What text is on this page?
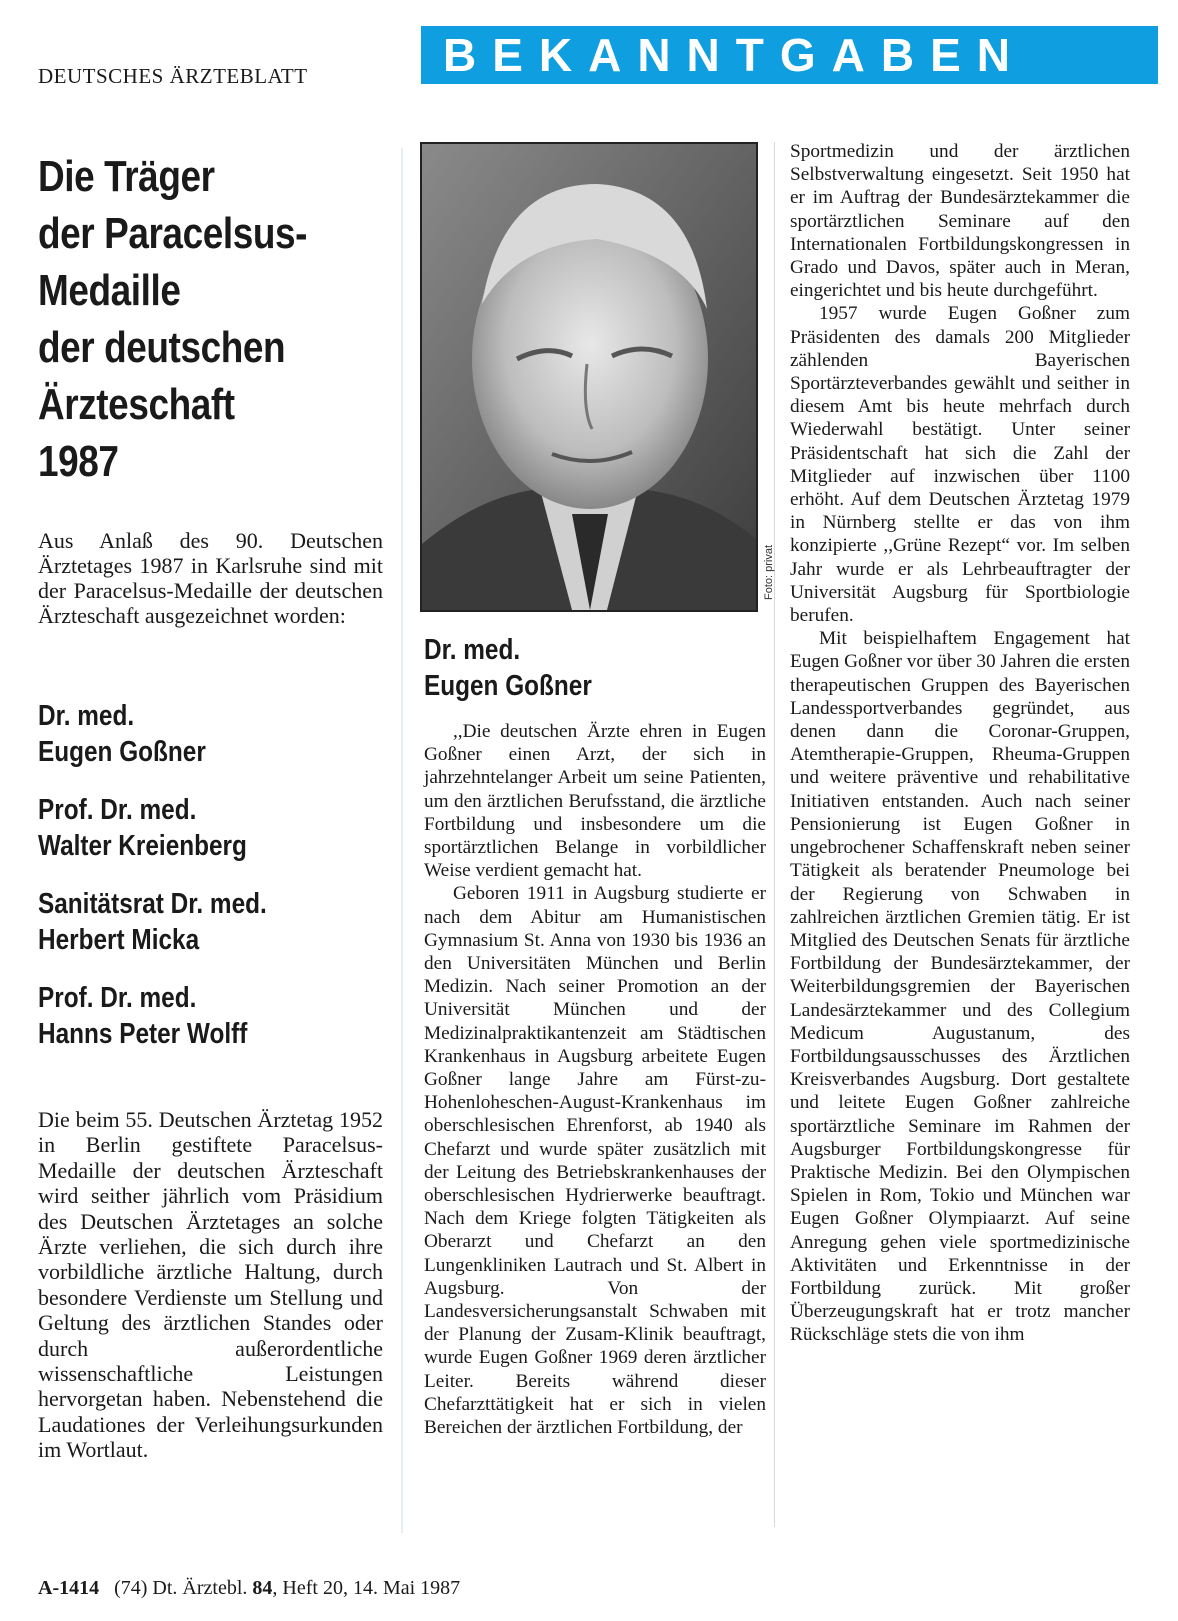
DEUTSCHES ÄRZTEBLATT	BEKANNTGABEN
Die Träger
der Paracelsus-
Medaille
der deutschen
Ärzteschaft
1987

Aus Anlaß des 90. Deutschen Ärztetages 1987 in Karlsruhe sind mit der Paracelsus-Medaille der deutschen Ärzteschaft ausgezeichnet worden:

Dr. med.
Eugen Goßner
Prof. Dr. med.
Walter Kreienberg
Sanitätsrat Dr. med.
Herbert Micka
Prof. Dr. med.
Hanns Peter Wolff

Die beim 55. Deutschen Ärztetag 1952 in Berlin gestiftete Paracelsus-Medaille der deutschen Ärzteschaft wird seither jährlich vom Präsidium des Deutschen Ärztetages an solche Ärzte verliehen, die sich durch ihre vorbildliche ärztliche Haltung, durch besondere Verdienste um Stellung und Geltung des ärztlichen Standes oder durch außerordentliche wissenschaftliche Leistungen hervorgetan haben. Nebenstehend die Laudationes der Verleihungsurkunden im Wortlaut.

Foto: privat
Dr. med.
Eugen Goßner

,,Die deutschen Ärzte ehren in Eugen Goßner einen Arzt, der sich in jahrzehntelanger Arbeit um seine Patienten, um den ärztlichen Berufsstand, die ärztliche Fortbildung und insbesondere um die sportärztlichen Belange in vorbildlicher Weise verdient gemacht hat.

Geboren 1911 in Augsburg studierte er nach dem Abitur am Humanistischen Gymnasium St. Anna von 1930 bis 1936 an den Universitäten München und Berlin Medizin. Nach seiner Promotion an der Universität München und der Medizinalpraktikantenzeit am Städtischen Krankenhaus in Augsburg arbeitete Eugen Goßner lange Jahre am Fürst-zu-Hohenloheschen-August-Krankenhaus im oberschlesischen Ehrenforst, ab 1940 als Chefarzt und wurde später zusätzlich mit der Leitung des Betriebskrankenhauses der oberschlesischen Hydrierwerke beauftragt. Nach dem Kriege folgten Tätigkeiten als Oberarzt und Chefarzt an den Lungenkliniken Lautrach und St. Albert in Augsburg. Von der Landesversicherungsanstalt Schwaben mit der Planung der Zusam-Klinik beauftragt, wurde Eugen Goßner 1969 deren ärztlicher Leiter. Bereits während dieser Chefarzttätigkeit hat er sich in vielen Bereichen der ärztlichen Fortbildung, der

Sportmedizin und der ärztlichen Selbstverwaltung eingesetzt. Seit 1950 hat er im Auftrag der Bundesärztekammer die sportärztlichen Seminare auf den Internationalen Fortbildungskongressen in Grado und Davos, später auch in Meran, eingerichtet und bis heute durchgeführt.

1957 wurde Eugen Goßner zum Präsidenten des damals 200 Mitglieder zählenden Bayerischen Sportärzteverbandes gewählt und seither in diesem Amt bis heute mehrfach durch Wiederwahl bestätigt. Unter seiner Präsidentschaft hat sich die Zahl der Mitglieder auf inzwischen über 1100 erhöht. Auf dem Deutschen Ärztetag 1979 in Nürnberg stellte er das von ihm konzipierte ,,Grüne Rezept“ vor. Im selben Jahr wurde er als Lehrbeauftragter der Universität Augsburg für Sportbiologie berufen.

Mit beispielhaftem Engagement hat Eugen Goßner vor über 30 Jahren die ersten therapeutischen Gruppen des Bayerischen Landessportverbandes gegründet, aus denen dann die Coronar-Gruppen, Atemtherapie-Gruppen, Rheuma-Gruppen und weitere präventive und rehabilitative Initiativen entstanden. Auch nach seiner Pensionierung ist Eugen Goßner in ungebrochener Schaffenskraft neben seiner Tätigkeit als beratender Pneumologe bei der Regierung von Schwaben in zahlreichen ärztlichen Gremien tätig. Er ist Mitglied des Deutschen Senats für ärztliche Fortbildung der Bundesärztekammer, der Weiterbildungsgremien der Bayerischen Landesärztekammer und des Collegium Medicum Augustanum, des Fortbildungsausschusses des Ärztlichen Kreisverbandes Augsburg. Dort gestaltete und leitete Eugen Goßner zahlreiche sportärztliche Seminare im Rahmen der Augsburger Fortbildungskongresse für Praktische Medizin. Bei den Olympischen Spielen in Rom, Tokio und München war Eugen Goßner Olympiaarzt. Auf seine Anregung gehen viele sportmedizinische Aktivitäten und Erkenntnisse in der Fortbildung zurück. Mit großer Überzeugungskraft hat er trotz mancher Rückschläge stets die von ihm

A-1414 (74) Dt. Ärztebl. 84, Heft 20, 14. Mai 1987
